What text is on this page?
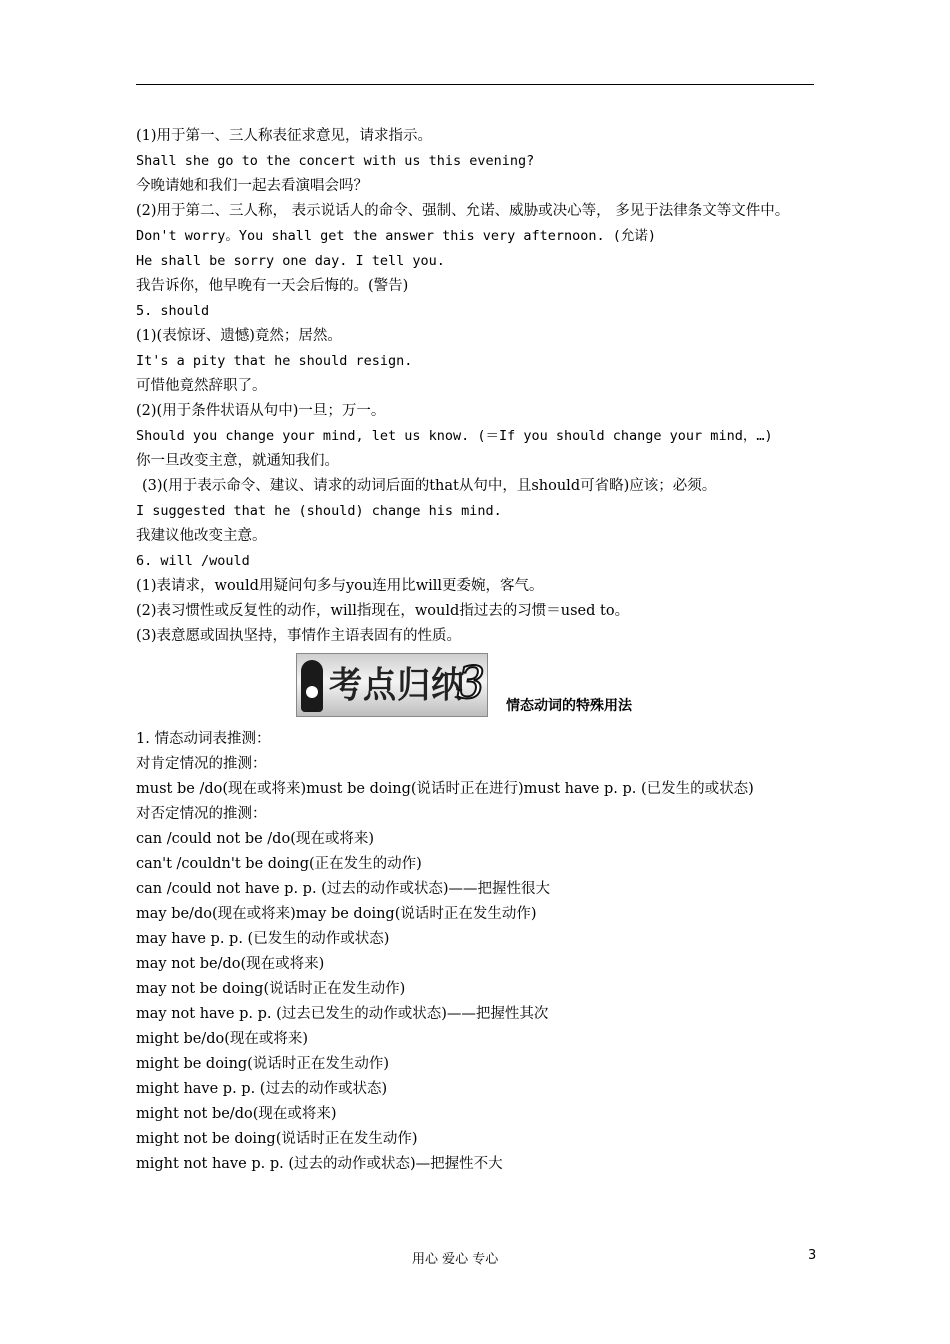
(1)用于第一、三人称表征求意见，请求指示。
Shall she go to the concert with us this evening?
今晚请她和我们一起去看演唱会吗？
(2)用于第二、三人称， 表示说话人的命令、强制、允诺、威胁或决心等， 多见于法律条文等文件中。
Don't worry。You shall get the answer this very afternoon. (允诺)
He shall be sorry one day. I tell you.
我告诉你，他早晚有一天会后悔的。(警告)
5. should
(1)(表惊讶、遗憾)竟然；居然。
It's a pity that he should resign.
可惜他竟然辞职了。
(2)(用于条件状语从句中)一旦；万一。
Should you change your mind, let us know. (＝If you should change your mind，…)
你一旦改变主意，就通知我们。
(3)(用于表示命令、建议、请求的动词后面的that从句中，且should可省略)应该；必须。
I suggested that he (should) change his mind.
我建议他改变主意。
6. will /would
(1)表请求，would用疑问句多与you连用比will更委婉，客气。
(2)表习惯性或反复性的动作，will指现在，would指过去的习惯＝used to。
(3)表意愿或固执坚持，事情作主语表固有的性质。
考点归纳
3 情态动词的特殊用法
1. 情态动词表推测：
对肯定情况的推测：
must be /do(现在或将来)must be doing(说话时正在进行)must have p. p. (已发生的或状态)
对否定情况的推测：
can /could not be /do(现在或将来)
can't /couldn't be doing(正在发生的动作)
can /could not have p. p. (过去的动作或状态)——把握性很大
may be/do(现在或将来)may be doing(说话时正在发生动作)
may have p. p. (已发生的动作或状态)
may not be/do(现在或将来)
may not be doing(说话时正在发生动作)
may not have p. p. (过去已发生的动作或状态)——把握性其次
might be/do(现在或将来)
might be doing(说话时正在发生动作)
might have p. p. (过去的动作或状态)
might not be/do(现在或将来)
might not be doing(说话时正在发生动作)
might not have p. p. (过去的动作或状态)—把握性不大
用心 爱心 专心	3
